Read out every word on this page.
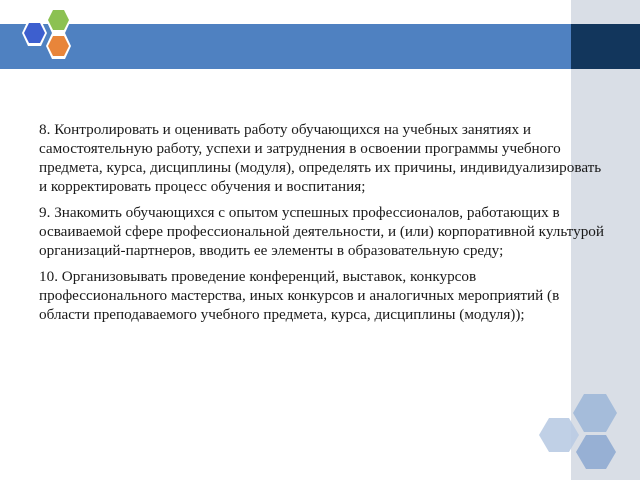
8. Контролировать и оценивать работу обучающихся на учебных занятиях и самостоятельную работу, успехи и затруднения в освоении программы учебного предмета, курса, дисциплины (модуля), определять их причины, индивидуализировать и корректировать процесс обучения и воспитания;

9. Знакомить обучающихся с опытом успешных профессионалов, работающих в осваиваемой сфере профессиональной деятельности, и (или) корпоративной культурой организаций-партнеров, вводить ее элементы в образовательную среду;

10. Организовывать проведение конференций, выставок, конкурсов профессионального мастерства, иных конкурсов и аналогичных мероприятий (в области преподаваемого учебного предмета, курса, дисциплины (модуля));
